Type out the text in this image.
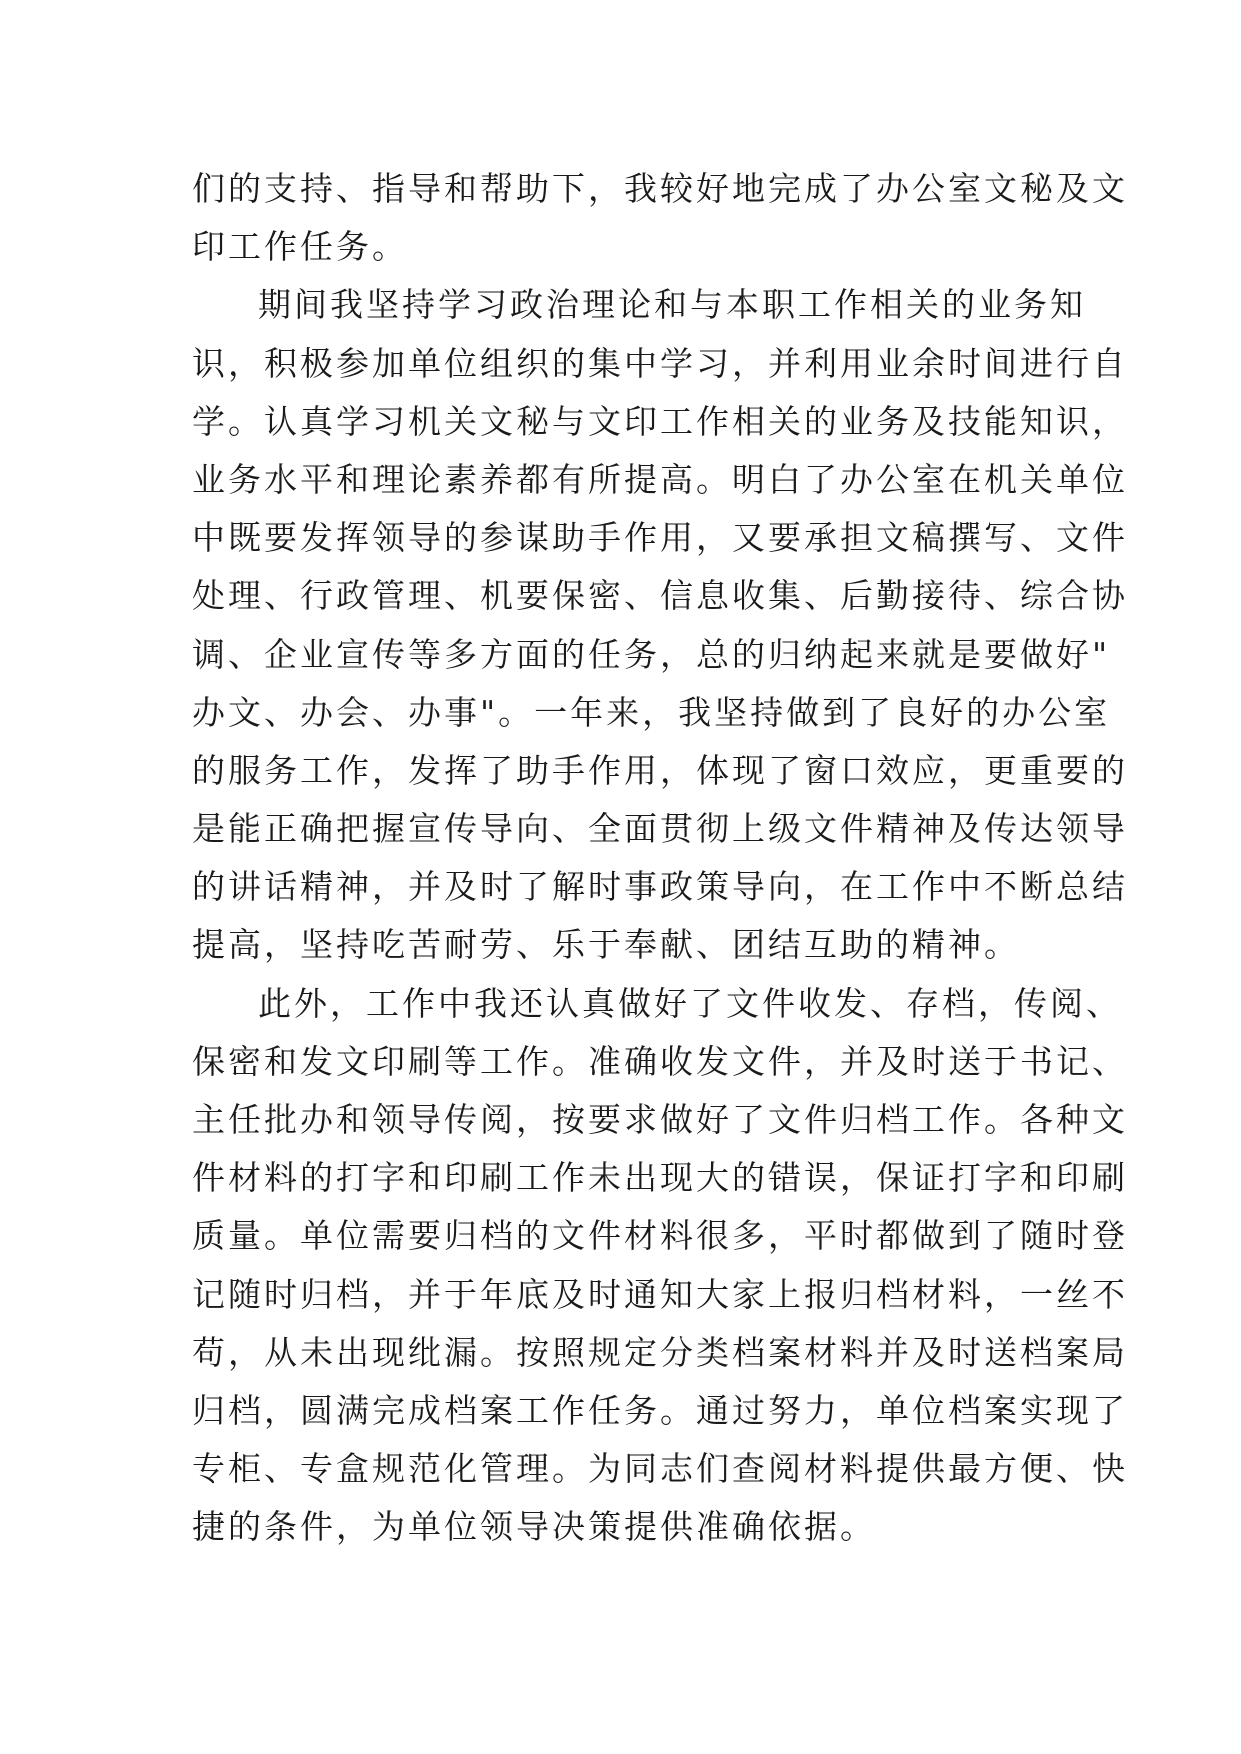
们的支持、指导和帮助下，我较好地完成了办公室文秘及文
印工作任务。
期间我坚持学习政治理论和与本职工作相关的业务知
识，积极参加单位组织的集中学习，并利用业余时间进行自
学。认真学习机关文秘与文印工作相关的业务及技能知识，
业务水平和理论素养都有所提高。明白了办公室在机关单位
中既要发挥领导的参谋助手作用，又要承担文稿撰写、文件
处理、行政管理、机要保密、信息收集、后勤接待、综合协
调、企业宣传等多方面的任务，总的归纳起来就是要做好"
办文、办会、办事"。一年来，我坚持做到了良好的办公室
的服务工作，发挥了助手作用，体现了窗口效应，更重要的
是能正确把握宣传导向、全面贯彻上级文件精神及传达领导
的讲话精神，并及时了解时事政策导向，在工作中不断总结
提高，坚持吃苦耐劳、乐于奉献、团结互助的精神。
此外，工作中我还认真做好了文件收发、存档，传阅、
保密和发文印刷等工作。准确收发文件，并及时送于书记、
主任批办和领导传阅，按要求做好了文件归档工作。各种文
件材料的打字和印刷工作未出现大的错误，保证打字和印刷
质量。单位需要归档的文件材料很多，平时都做到了随时登
记随时归档，并于年底及时通知大家上报归档材料，一丝不
苟，从未出现纰漏。按照规定分类档案材料并及时送档案局
归档，圆满完成档案工作任务。通过努力，单位档案实现了
专柜、专盒规范化管理。为同志们查阅材料提供最方便、快
捷的条件，为单位领导决策提供准确依据。
